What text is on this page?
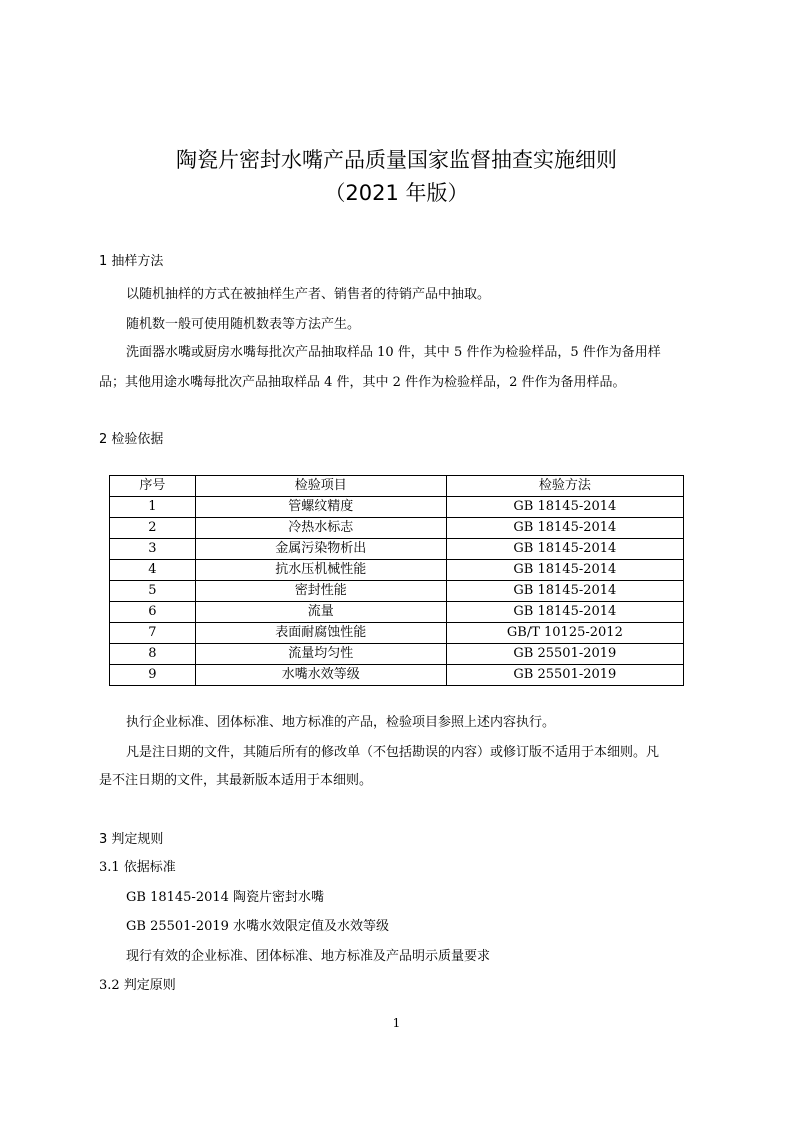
陶瓷片密封水嘴产品质量国家监督抽查实施细则
（2021 年版）
1 抽样方法
以随机抽样的方式在被抽样生产者、销售者的待销产品中抽取。
随机数一般可使用随机数表等方法产生。
洗面器水嘴或厨房水嘴每批次产品抽取样品 10 件，其中 5 件作为检验样品，5 件作为备用样
品；其他用途水嘴每批次产品抽取样品 4 件，其中 2 件作为检验样品，2 件作为备用样品。
2 检验依据
序号	检验项目	检验方法
1	管螺纹精度	GB 18145-2014
2	冷热水标志	GB 18145-2014
3	金属污染物析出	GB 18145-2014
4	抗水压机械性能	GB 18145-2014
5	密封性能	GB 18145-2014
6	流量	GB 18145-2014
7	表面耐腐蚀性能	GB/T 10125-2012
8	流量均匀性	GB 25501-2019
9	水嘴水效等级	GB 25501-2019
执行企业标准、团体标准、地方标准的产品，检验项目参照上述内容执行。
凡是注日期的文件，其随后所有的修改单（不包括勘误的内容）或修订版不适用于本细则。凡
是不注日期的文件，其最新版本适用于本细则。
3 判定规则
3.1 依据标准
GB 18145-2014 陶瓷片密封水嘴
GB 25501-2019 水嘴水效限定值及水效等级
现行有效的企业标准、团体标准、地方标准及产品明示质量要求
3.2 判定原则
1
